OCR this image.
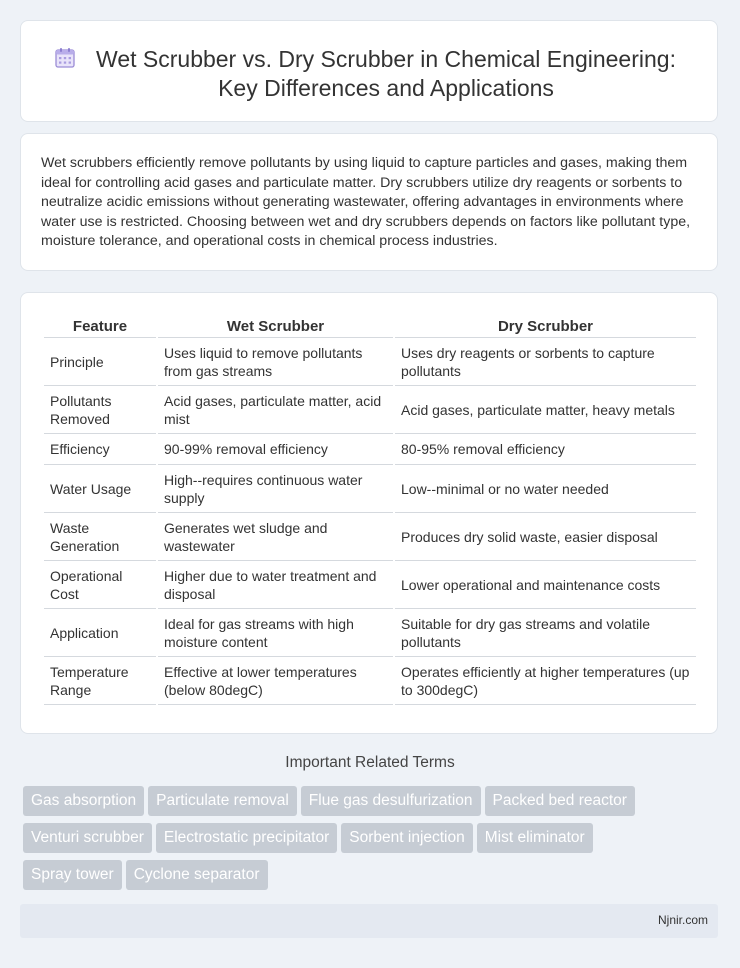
Wet Scrubber vs. Dry Scrubber in Chemical Engineering: Key Differences and Applications
Wet scrubbers efficiently remove pollutants by using liquid to capture particles and gases, making them ideal for controlling acid gases and particulate matter. Dry scrubbers utilize dry reagents or sorbents to neutralize acidic emissions without generating wastewater, offering advantages in environments where water use is restricted. Choosing between wet and dry scrubbers depends on factors like pollutant type, moisture tolerance, and operational costs in chemical process industries.
Feature	Wet Scrubber	Dry Scrubber
Principle	Uses liquid to remove pollutants from gas streams	Uses dry reagents or sorbents to capture pollutants
Pollutants Removed	Acid gases, particulate matter, acid mist	Acid gases, particulate matter, heavy metals
Efficiency	90-99% removal efficiency	80-95% removal efficiency
Water Usage	High--requires continuous water supply	Low--minimal or no water needed
Waste Generation	Generates wet sludge and wastewater	Produces dry solid waste, easier disposal
Operational Cost	Higher due to water treatment and disposal	Lower operational and maintenance costs
Application	Ideal for gas streams with high moisture content	Suitable for dry gas streams and volatile pollutants
Temperature Range	Effective at lower temperatures (below 80degC)	Operates efficiently at higher temperatures (up to 300degC)
Important Related Terms
Gas absorption Particulate removal Flue gas desulfurization Packed bed reactor
Venturi scrubber Electrostatic precipitator Sorbent injection Mist eliminator
Spray tower Cyclone separator
Njnir.com
